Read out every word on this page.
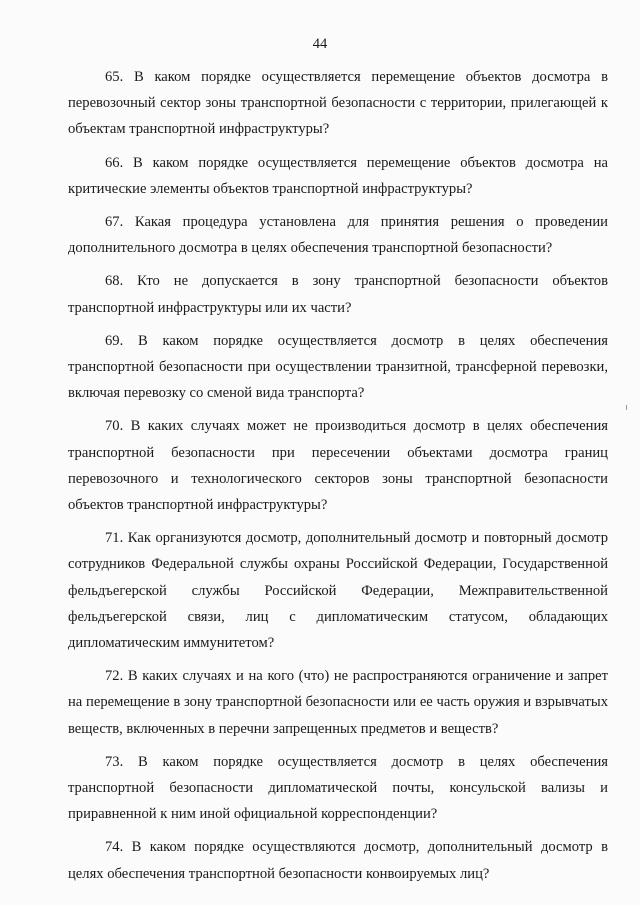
44

65. В каком порядке осуществляется перемещение объектов досмотра в перевозочный сектор зоны транспортной безопасности с территории, прилегающей к объектам транспортной инфраструктуры?

66. В каком порядке осуществляется перемещение объектов досмотра на критические элементы объектов транспортной инфраструктуры?

67. Какая процедура установлена для принятия решения о проведении дополнительного досмотра в целях обеспечения транспортной безопасности?

68. Кто не допускается в зону транспортной безопасности объектов транспортной инфраструктуры или их части?

69. В каком порядке осуществляется досмотр в целях обеспечения транспортной безопасности при осуществлении транзитной, трансферной перевозки, включая перевозку со сменой вида транспорта?

70. В каких случаях может не производиться досмотр в целях обеспечения транспортной безопасности при пересечении объектами досмотра границ перевозочного и технологического секторов зоны транспортной безопасности объектов транспортной инфраструктуры?

71. Как организуются досмотр, дополнительный досмотр и повторный досмотр сотрудников Федеральной службы охраны Российской Федерации, Государственной фельдъегерской службы Российской Федерации, Межправительственной фельдъегерской связи, лиц с дипломатическим статусом, обладающих дипломатическим иммунитетом?

72. В каких случаях и на кого (что) не распространяются ограничение и запрет на перемещение в зону транспортной безопасности или ее часть оружия и взрывчатых веществ, включенных в перечни запрещенных предметов и веществ?

73. В каком порядке осуществляется досмотр в целях обеспечения транспортной безопасности дипломатической почты, консульской вализы и приравненной к ним иной официальной корреспонденции?

74. В каком порядке осуществляются досмотр, дополнительный досмотр в целях обеспечения транспортной безопасности конвоируемых лиц?
